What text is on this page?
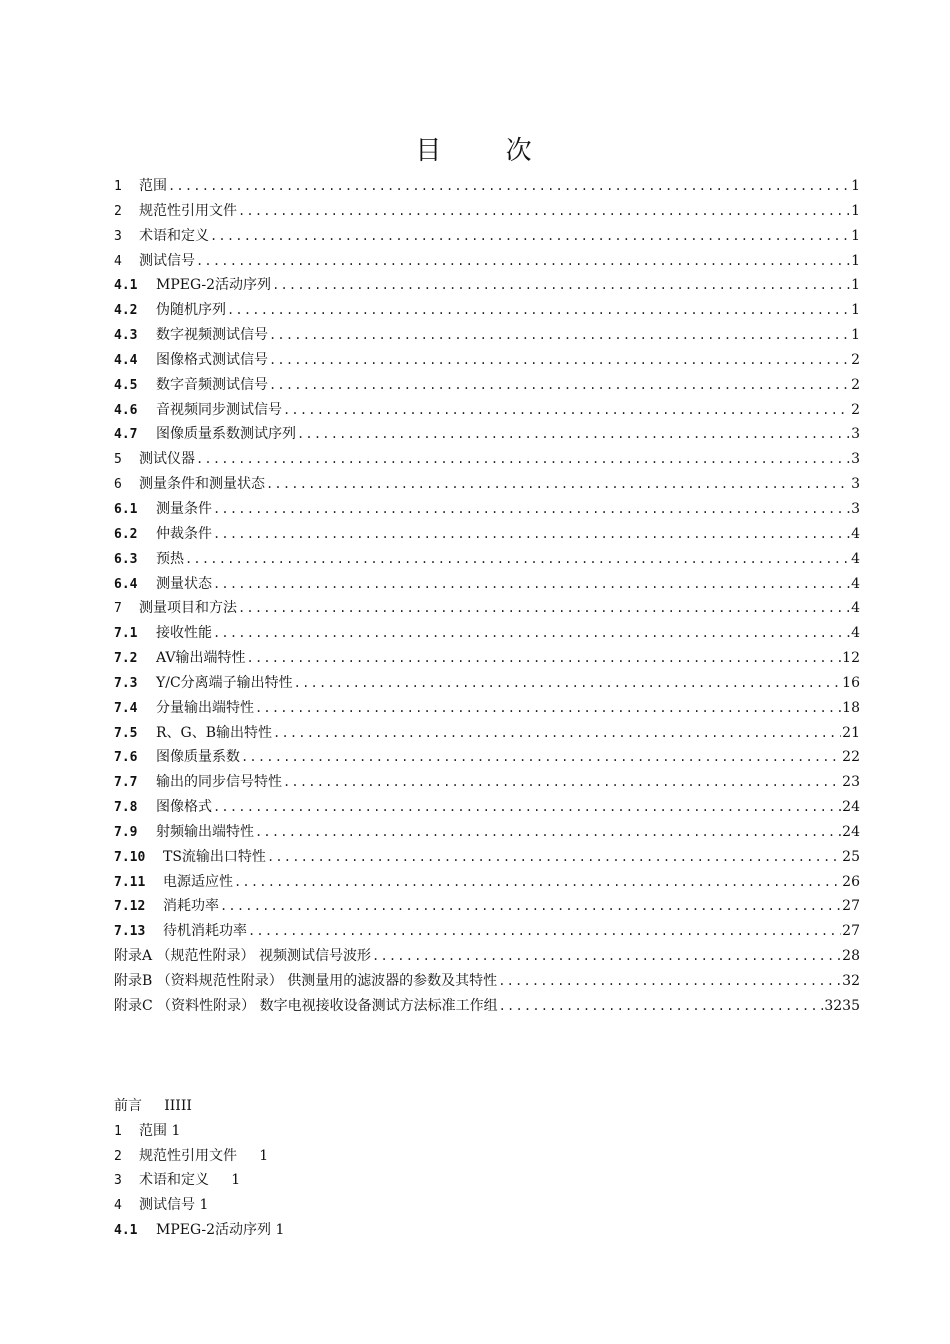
目 次
1	范围 .....	1
2	规范性引用文件 .....	1
3	术语和定义 .....	1
4	测试信号 .....	1
4.1	MPEG-2活动序列 .....	1
4.2	伪随机序列 .....	1
4.3	数字视频测试信号 .....	1
4.4	图像格式测试信号 .....	2
4.5	数字音频测试信号 .....	2
4.6	音视频同步测试信号 .....	2
4.7	图像质量系数测试序列 .....	3
5	测试仪器 .....	3
6	测量条件和测量状态 .....	3
6.1	测量条件 .....	3
6.2	仲裁条件 .....	4
6.3	预热 .....	4
6.4	测量状态 .....	4
7	测量项目和方法 .....	4
7.1	接收性能 .....	4
7.2	AV输出端特性 .....	12
7.3	Y/C分离端子输出特性 .....	16
7.4	分量输出端特性 .....	18
7.5	R、G、B输出特性 .....	21
7.6	图像质量系数 .....	22
7.7	输出的同步信号特性 .....	23
7.8	图像格式 .....	24
7.9	射频输出端特性 .....	24
7.10	TS流输出口特性 .....	25
7.11	电源适应性 .....	26
7.12	消耗功率 .....	27
7.13	待机消耗功率 .....	27
附录A （规范性附录） 视频测试信号波形 .....	28
附录B （资料规范性附录） 供测量用的滤波器的参数及其特性 .....	32
附录C （资料性附录） 数字电视接收设备测试方法标准工作组 .....	3235
前言     IIIII
1 范围 1
2 规范性引用文件     1
3 术语和定义     1
4 测试信号 1
4.1 MPEG-2活动序列 1
